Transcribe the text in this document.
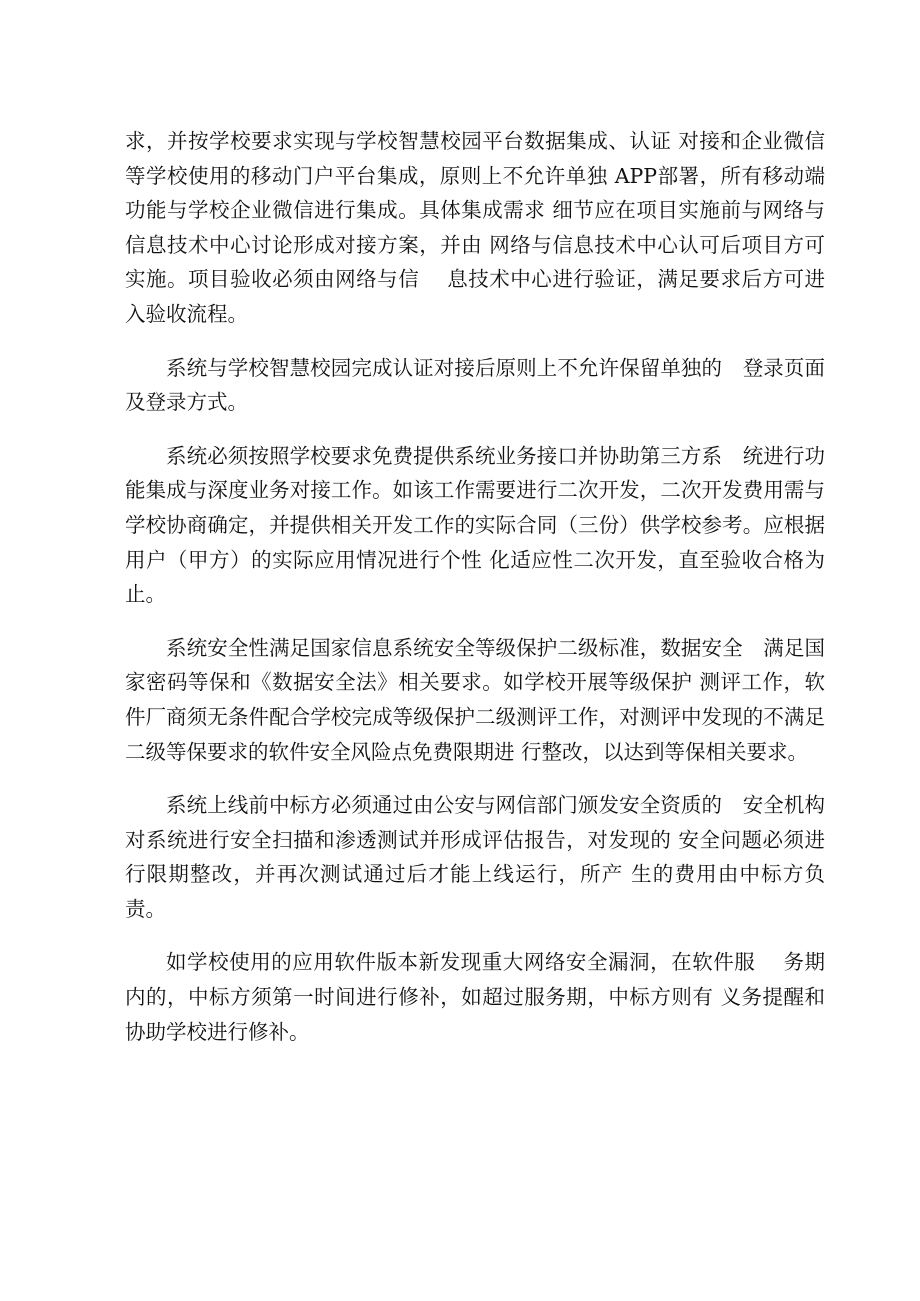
求，并按学校要求实现与学校智慧校园平台数据集成、认证 对接和企业微信等学校使用的移动门户平台集成，原则上不允许单独 APP部署，所有移动端功能与学校企业微信进行集成。具体集成需求 细节应在项目实施前与网络与信息技术中心讨论形成对接方案，并由 网络与信息技术中心认可后项目方可实施。项目验收必须由网络与信　 息技术中心进行验证，满足要求后方可进入验收流程。

系统与学校智慧校园完成认证对接后原则上不允许保留单独的　登录页面及登录方式。

系统必须按照学校要求免费提供系统业务接口并协助第三方系　统进行功能集成与深度业务对接工作。如该工作需要进行二次开发，二次开发费用需与学校协商确定，并提供相关开发工作的实际合同（三份）供学校参考。应根据用户（甲方）的实际应用情况进行个性 化适应性二次开发，直至验收合格为止。

系统安全性满足国家信息系统安全等级保护二级标准，数据安全　满足国家密码等保和《数据安全法》相关要求。如学校开展等级保护 测评工作，软件厂商须无条件配合学校完成等级保护二级测评工作，对测评中发现的不满足二级等保要求的软件安全风险点免费限期进 行整改，以达到等保相关要求。

系统上线前中标方必须通过由公安与网信部门颁发安全资质的　安全机构对系统进行安全扫描和渗透测试并形成评估报告，对发现的 安全问题必须进行限期整改，并再次测试通过后才能上线运行，所产 生的费用由中标方负责。

如学校使用的应用软件版本新发现重大网络安全漏洞，在软件服　 务期内的，中标方须第一时间进行修补，如超过服务期，中标方则有 义务提醒和协助学校进行修补。
